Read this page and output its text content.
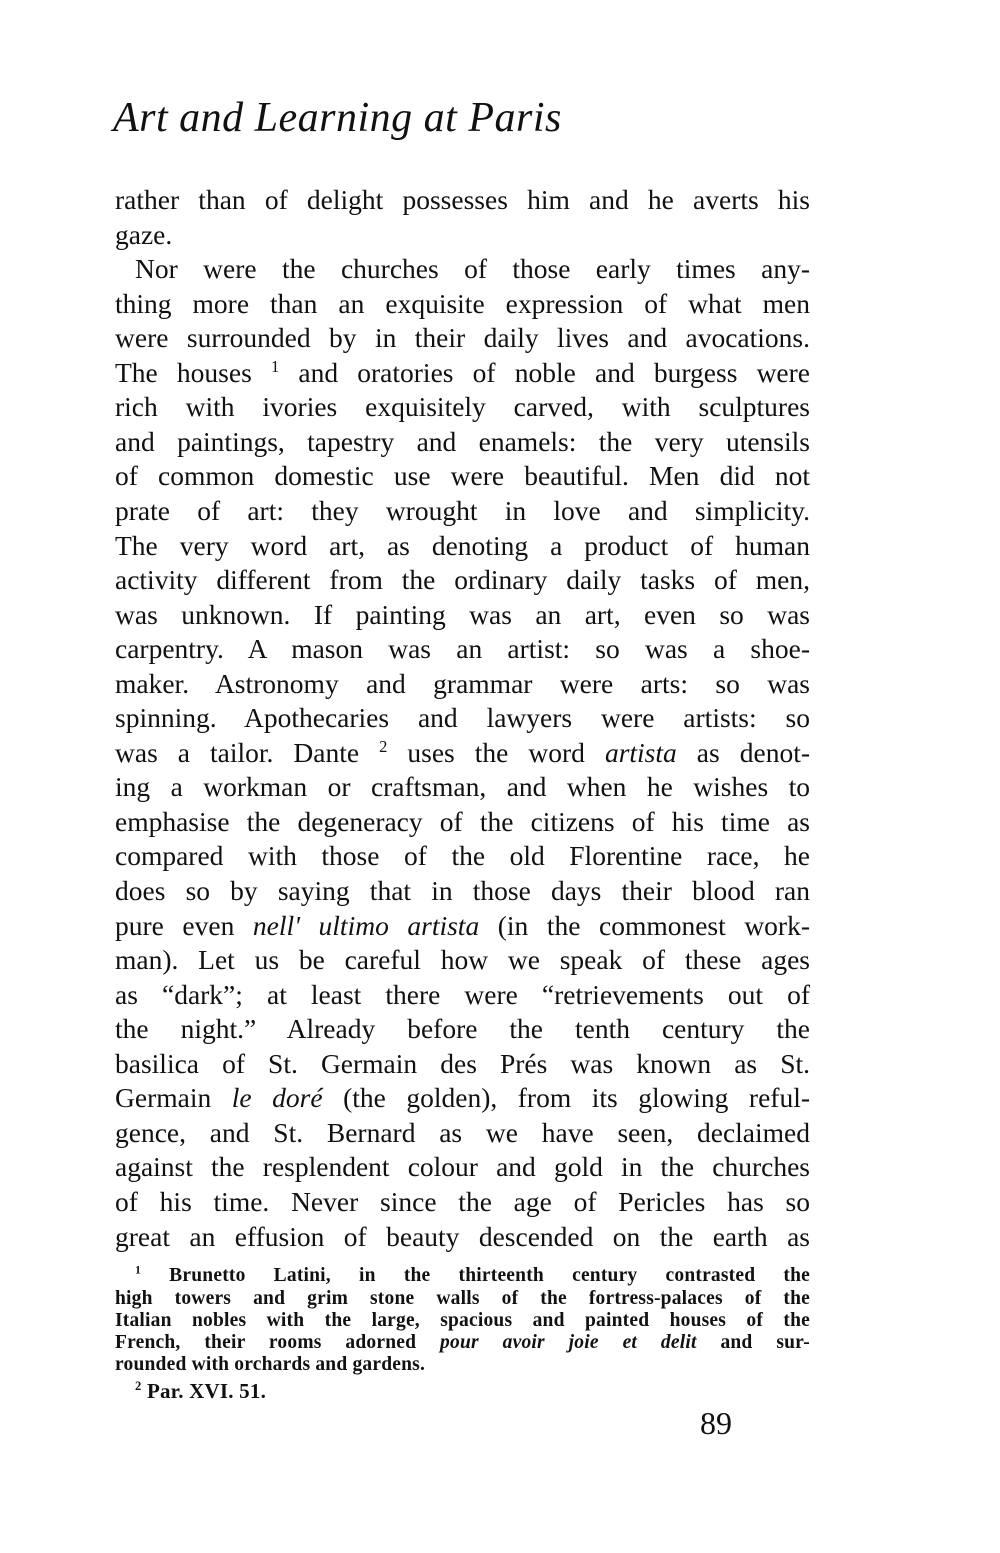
Art and Learning at Paris
rather than of delight possesses him and he averts his
gaze.
Nor were the churches of those early times any-
thing more than an exquisite expression of what men
were surrounded by in their daily lives and avocations.
The houses $^1$ and oratories of noble and burgess were
rich with ivories exquisitely carved, with sculptures
and paintings, tapestry and enamels: the very utensils
of common domestic use were beautiful. Men did not
prate of art: they wrought in love and simplicity.
The very word art, as denoting a product of human
activity different from the ordinary daily tasks of men,
was unknown. If painting was an art, even so was
carpentry. A mason was an artist: so was a shoe-
maker. Astronomy and grammar were arts: so was
spinning. Apothecaries and lawyers were artists: so
was a tailor. Dante $^2$ uses the word artista as denot-
ing a workman or craftsman, and when he wishes to
emphasise the degeneracy of the citizens of his time as
compared with those of the old Florentine race, he
does so by saying that in those days their blood ran
pure even nell' ultimo artista (in the commonest work-
man). Let us be careful how we speak of these ages
as “dark”; at least there were “retrievements out of
the night.” Already before the tenth century the
basilica of St. Germain des Prés was known as St.
Germain le doré (the golden), from its glowing reful-
gence, and St. Bernard as we have seen, declaimed
against the resplendent colour and gold in the churches
of his time. Never since the age of Pericles has so
great an effusion of beauty descended on the earth as
$^1$ Brunetto Latini, in the thirteenth century contrasted the
high towers and grim stone walls of the fortress-palaces of the
Italian nobles with the large, spacious and painted houses of the
French, their rooms adorned pour avoir joie et delit and sur-
rounded with orchards and gardens.
$^2$ Par. XVI. 51.
89
